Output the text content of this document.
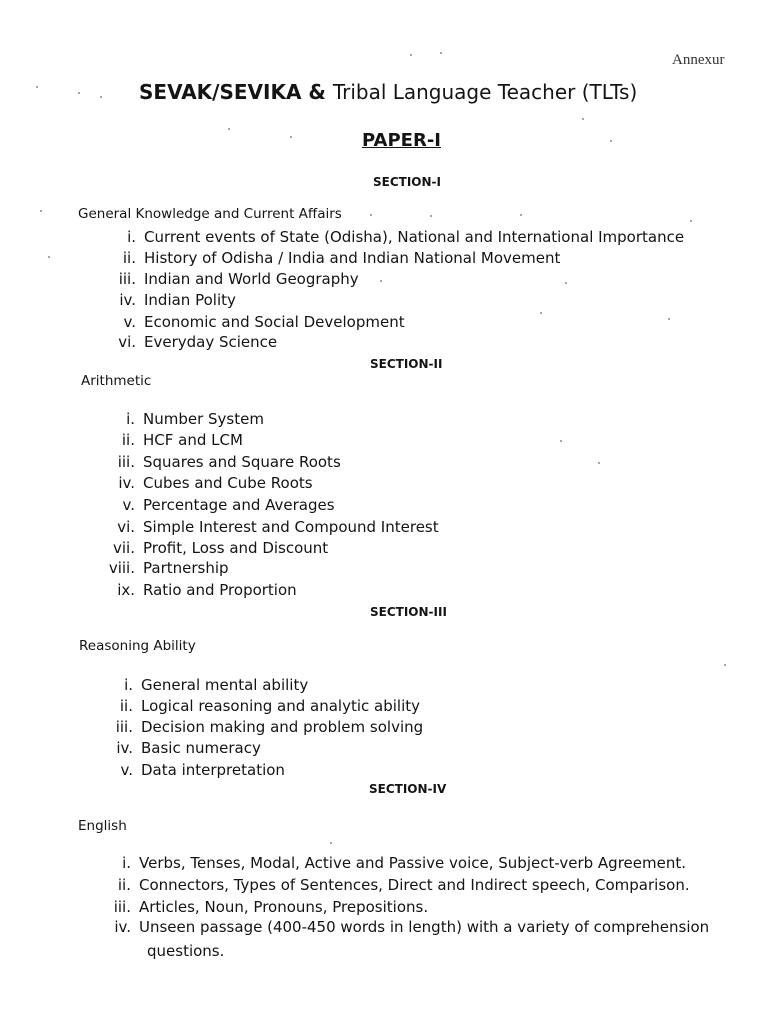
Annexur
SEVAK/SEVIKA & Tribal Language Teacher (TLTs)
PAPER-I
SECTION-I
General Knowledge and Current Affairs
i. Current events of State (Odisha), National and International Importance
ii. History of Odisha / India and Indian National Movement
iii. Indian and World Geography
iv. Indian Polity
v. Economic and Social Development
vi. Everyday Science
SECTION-II
Arithmetic
i. Number System
ii. HCF and LCM
iii. Squares and Square Roots
iv. Cubes and Cube Roots
v. Percentage and Averages
vi. Simple Interest and Compound Interest
vii. Profit, Loss and Discount
viii. Partnership
ix. Ratio and Proportion
SECTION-III
Reasoning Ability
i. General mental ability
ii. Logical reasoning and analytic ability
iii. Decision making and problem solving
iv. Basic numeracy
v. Data interpretation
SECTION-IV
English
i. Verbs, Tenses, Modal, Active and Passive voice, Subject-verb Agreement.
ii. Connectors, Types of Sentences, Direct and Indirect speech, Comparison.
iii. Articles, Noun, Pronouns, Prepositions.
iv. Unseen passage (400-450 words in length) with a variety of comprehension
questions.
